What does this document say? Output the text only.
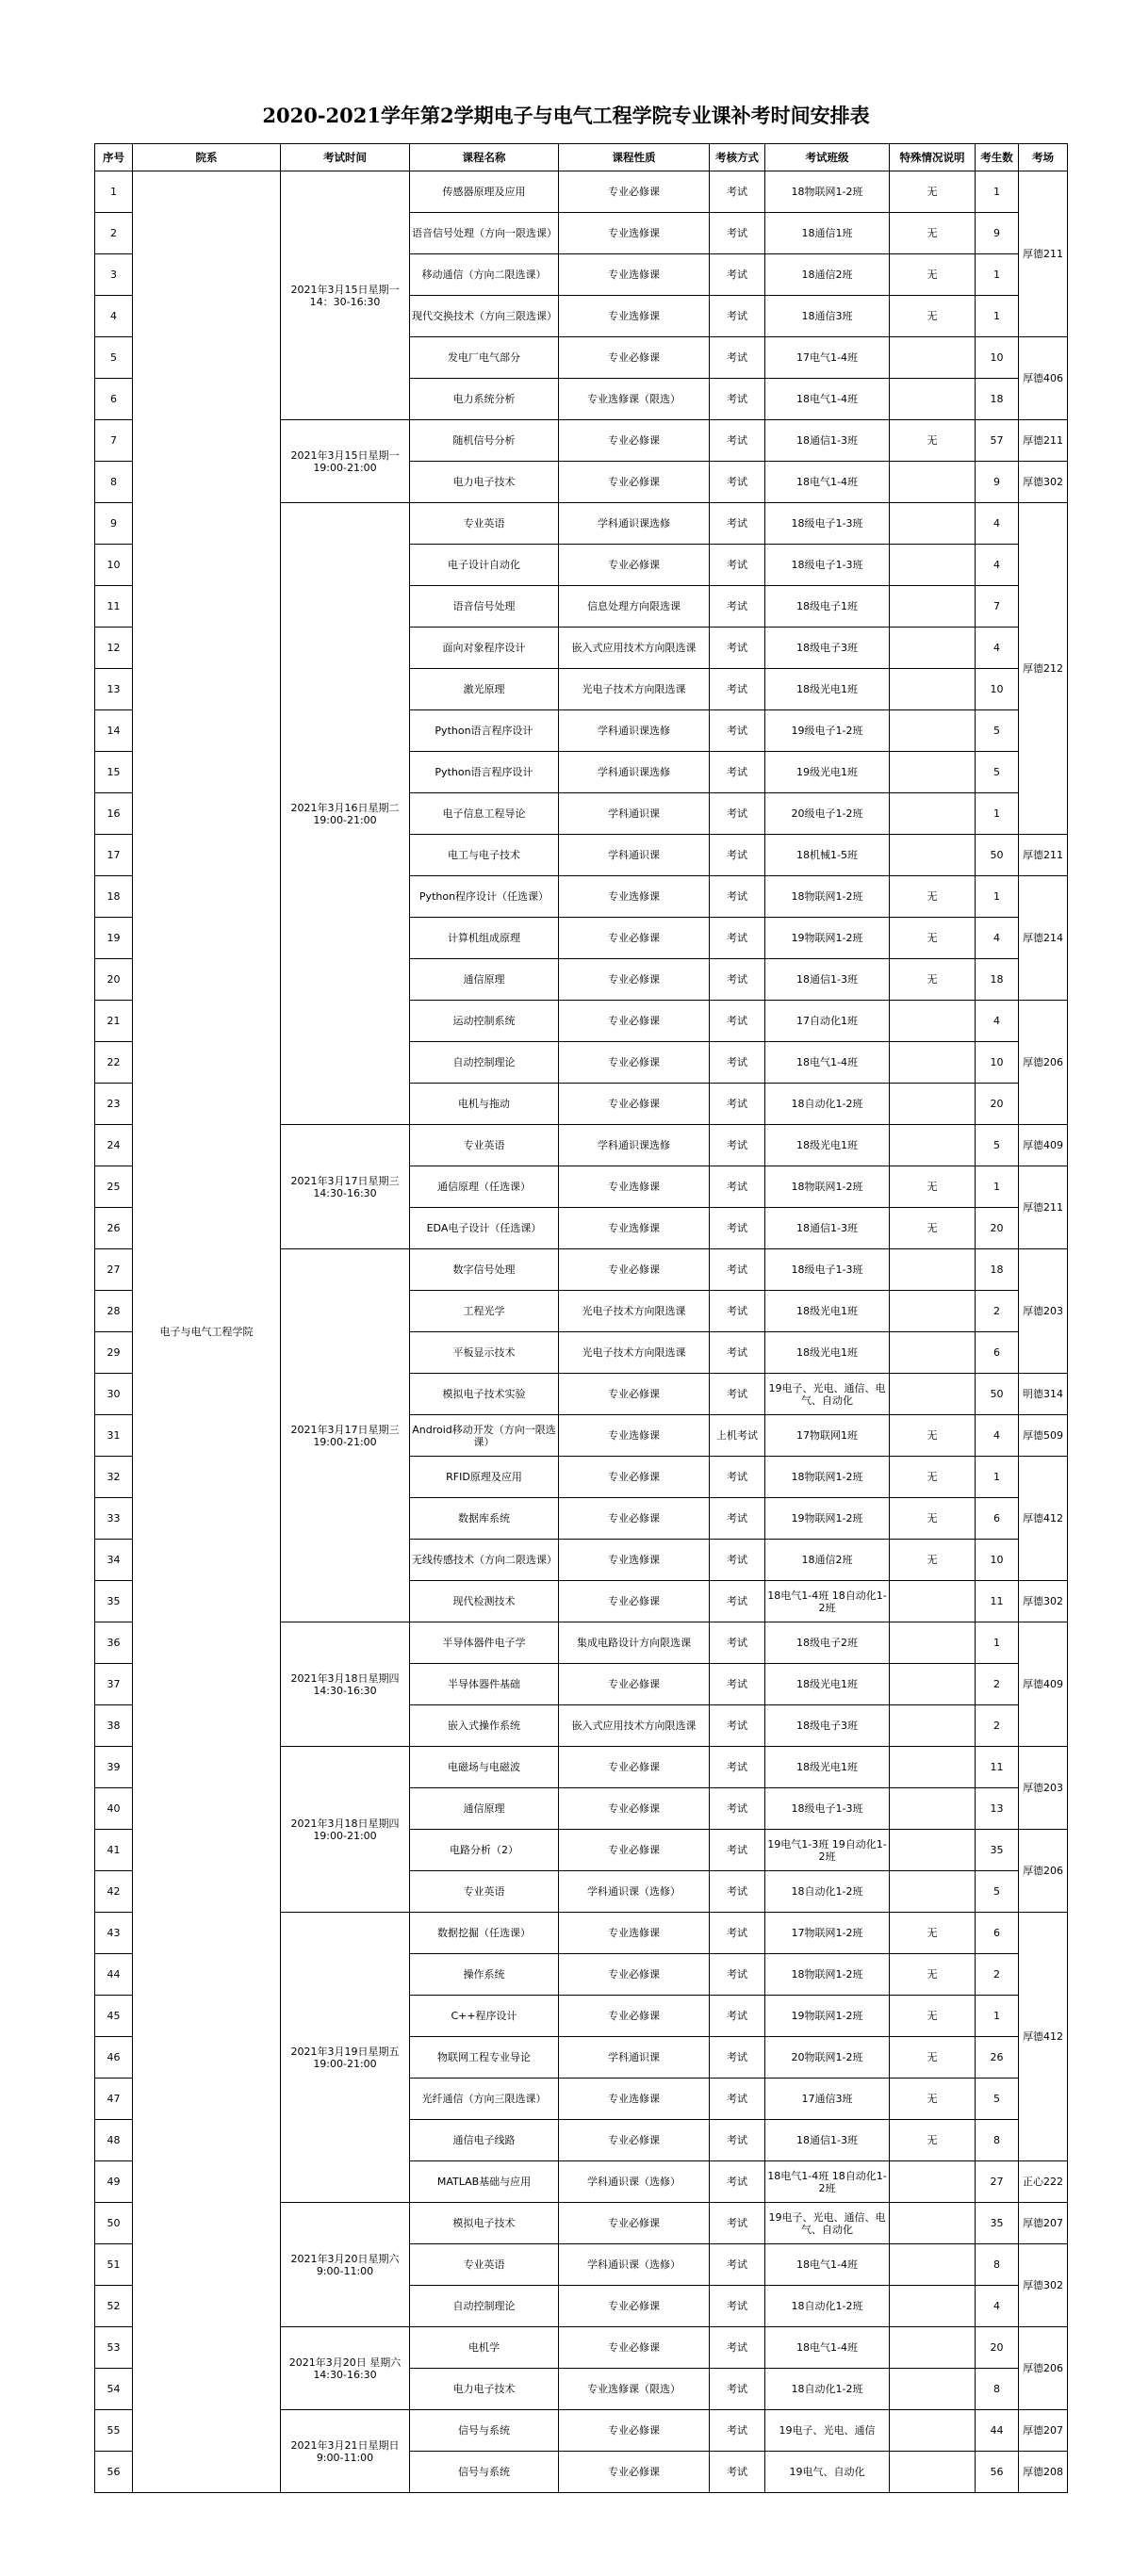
2020-2021学年第2学期电子与电气工程学院专业课补考时间安排表
序号	院系	考试时间	课程名称	课程性质	考核方式	考试班级	特殊情况说明	考生数	考场
1	电子与电气工程学院	2021年3月15日星期一 14：30-16:30	传感器原理及应用	专业必修课	考试	18物联网1-2班	无	1	厚德211
2			语音信号处理（方向一限选课）	专业选修课	考试	18通信1班	无	9	
3			移动通信（方向二限选课）	专业选修课	考试	18通信2班	无	1	
4			现代交换技术（方向三限选课）	专业选修课	考试	18通信3班	无	1	
5			发电厂电气部分	专业必修课	考试	17电气1-4班		10	厚德406
6			电力系统分析	专业选修课（限选）	考试	18电气1-4班		18	
7		2021年3月15日星期一 19:00-21:00	随机信号分析	专业必修课	考试	18通信1-3班	无	57	厚德211
8			电力电子技术	专业必修课	考试	18电气1-4班		9	厚德302
9		2021年3月16日星期二 19:00-21:00	专业英语	学科通识课选修	考试	18级电子1-3班		4	厚德212
10			电子设计自动化	专业必修课	考试	18级电子1-3班		4	
11			语音信号处理	信息处理方向限选课	考试	18级电子1班		7	
12			面向对象程序设计	嵌入式应用技术方向限选课	考试	18级电子3班		4	
13			激光原理	光电子技术方向限选课	考试	18级光电1班		10	
14			Python语言程序设计	学科通识课选修	考试	19级电子1-2班		5	
15			Python语言程序设计	学科通识课选修	考试	19级光电1班		5	
16			电子信息工程导论	学科通识课	考试	20级电子1-2班		1	
17			电工与电子技术	学科通识课	考试	18机械1-5班		50	厚德211
18			Python程序设计（任选课）	专业选修课	考试	18物联网1-2班	无	1	厚德214
19			计算机组成原理	专业必修课	考试	19物联网1-2班	无	4	
20			通信原理	专业必修课	考试	18通信1-3班	无	18	
21			运动控制系统	专业必修课	考试	17自动化1班		4	厚德206
22			自动控制理论	专业必修课	考试	18电气1-4班		10	
23			电机与拖动	专业必修课	考试	18自动化1-2班		20	
24		2021年3月17日星期三 14:30-16:30	专业英语	学科通识课选修	考试	18级光电1班		5	厚德409
25			通信原理（任选课）	专业选修课	考试	18物联网1-2班	无	1	厚德211
26			EDA电子设计（任选课）	专业选修课	考试	18通信1-3班	无	20	
27		2021年3月17日星期三 19:00-21:00	数字信号处理	专业必修课	考试	18级电子1-3班		18	厚德203
28			工程光学	光电子技术方向限选课	考试	18级光电1班		2	
29			平板显示技术	光电子技术方向限选课	考试	18级光电1班		6	
30			模拟电子技术实验	专业必修课	考试	19电子、光电、通信、电气、自动化		50	明德314
31			Android移动开发（方向一限选课）	专业选修课	上机考试	17物联网1班	无	4	厚德509
32			RFID原理及应用	专业必修课	考试	18物联网1-2班	无	1	厚德412
33			数据库系统	专业必修课	考试	19物联网1-2班	无	6	
34			无线传感技术（方向二限选课）	专业选修课	考试	18通信2班	无	10	
35			现代检测技术	专业必修课	考试	18电气1-4班 18自动化1-2班		11	厚德302
36		2021年3月18日星期四 14:30-16:30	半导体器件电子学	集成电路设计方向限选课	考试	18级电子2班		1	厚德409
37			半导体器件基础	专业必修课	考试	18级光电1班		2	
38			嵌入式操作系统	嵌入式应用技术方向限选课	考试	18级电子3班		2	
39		2021年3月18日星期四 19:00-21:00	电磁场与电磁波	专业必修课	考试	18级光电1班		11	厚德203
40			通信原理	专业必修课	考试	18级电子1-3班		13	
41			电路分析（2）	专业必修课	考试	19电气1-3班 19自动化1-2班		35	厚德206
42			专业英语	学科通识课（选修）	考试	18自动化1-2班		5	
43		2021年3月19日星期五 19:00-21:00	数据挖掘（任选课）	专业选修课	考试	17物联网1-2班	无	6	厚德412
44			操作系统	专业必修课	考试	18物联网1-2班	无	2	
45			C++程序设计	专业必修课	考试	19物联网1-2班	无	1	
46			物联网工程专业导论	学科通识课	考试	20物联网1-2班	无	26	
47			光纤通信（方向三限选课）	专业选修课	考试	17通信3班	无	5	
48			通信电子线路	专业必修课	考试	18通信1-3班	无	8	
49			MATLAB基础与应用	学科通识课（选修）	考试	18电气1-4班 18自动化1-2班		27	正心222
50		2021年3月20日星期六 9:00-11:00	模拟电子技术	专业必修课	考试	19电子、光电、通信、电气、自动化		35	厚德207
51			专业英语	学科通识课（选修）	考试	18电气1-4班		8	厚德302
52			自动控制理论	专业必修课	考试	18自动化1-2班		4	
53		2021年3月20日 星期六 14:30-16:30	电机学	专业必修课	考试	18电气1-4班		20	厚德206
54			电力电子技术	专业选修课（限选）	考试	18自动化1-2班		8	
55		2021年3月21日星期日 9:00-11:00	信号与系统	专业必修课	考试	19电子、光电、通信		44	厚德207
56			信号与系统	专业必修课	考试	19电气、自动化		56	厚德208
